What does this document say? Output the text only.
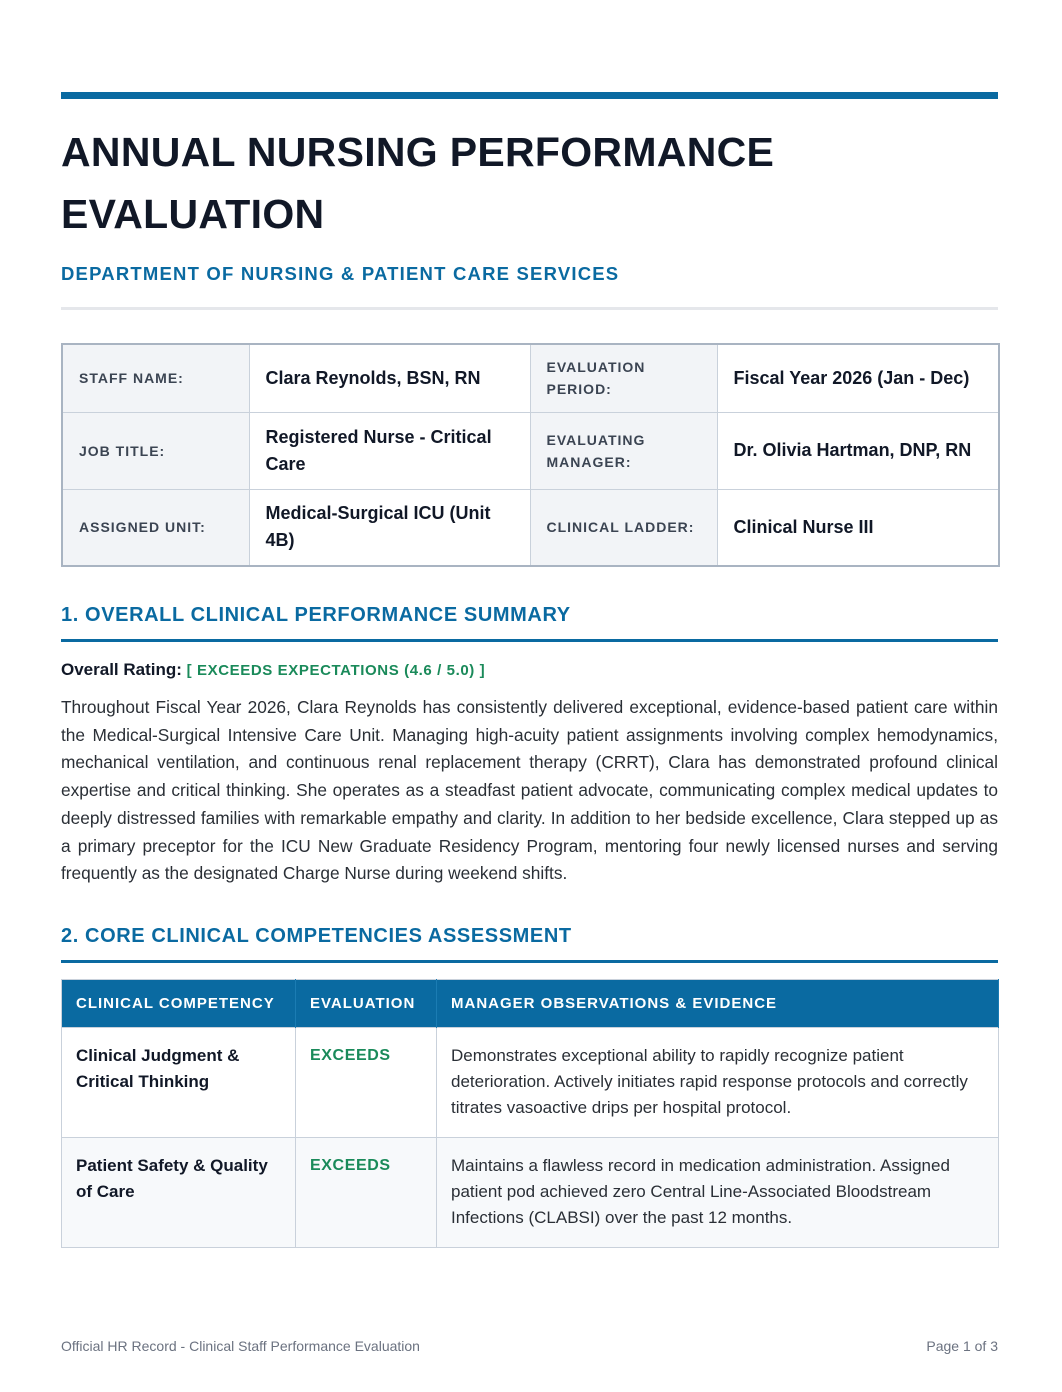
ANNUAL NURSING PERFORMANCE EVALUATION
DEPARTMENT OF NURSING & PATIENT CARE SERVICES
STAFF NAME:	Clara Reynolds, BSN, RN	EVALUATION PERIOD:	Fiscal Year 2026 (Jan - Dec)
JOB TITLE:	Registered Nurse - Critical Care	EVALUATING MANAGER:	Dr. Olivia Hartman, DNP, RN
ASSIGNED UNIT:	Medical-Surgical ICU (Unit 4B)	CLINICAL LADDER:	Clinical Nurse III
1. OVERALL CLINICAL PERFORMANCE SUMMARY
Overall Rating: [ EXCEEDS EXPECTATIONS (4.6 / 5.0) ]
Throughout Fiscal Year 2026, Clara Reynolds has consistently delivered exceptional, evidence-based patient care within the Medical-Surgical Intensive Care Unit. Managing high-acuity patient assignments involving complex hemodynamics, mechanical ventilation, and continuous renal replacement therapy (CRRT), Clara has demonstrated profound clinical expertise and critical thinking. She operates as a steadfast patient advocate, communicating complex medical updates to deeply distressed families with remarkable empathy and clarity. In addition to her bedside excellence, Clara stepped up as a primary preceptor for the ICU New Graduate Residency Program, mentoring four newly licensed nurses and serving frequently as the designated Charge Nurse during weekend shifts.
2. CORE CLINICAL COMPETENCIES ASSESSMENT
CLINICAL COMPETENCY	EVALUATION	MANAGER OBSERVATIONS & EVIDENCE
Clinical Judgment & Critical Thinking	EXCEEDS	Demonstrates exceptional ability to rapidly recognize patient deterioration. Actively initiates rapid response protocols and correctly titrates vasoactive drips per hospital protocol.
Patient Safety & Quality of Care	EXCEEDS	Maintains a flawless record in medication administration. Assigned patient pod achieved zero Central Line-Associated Bloodstream Infections (CLABSI) over the past 12 months.
Official HR Record - Clinical Staff Performance Evaluation	Page 1 of 3
